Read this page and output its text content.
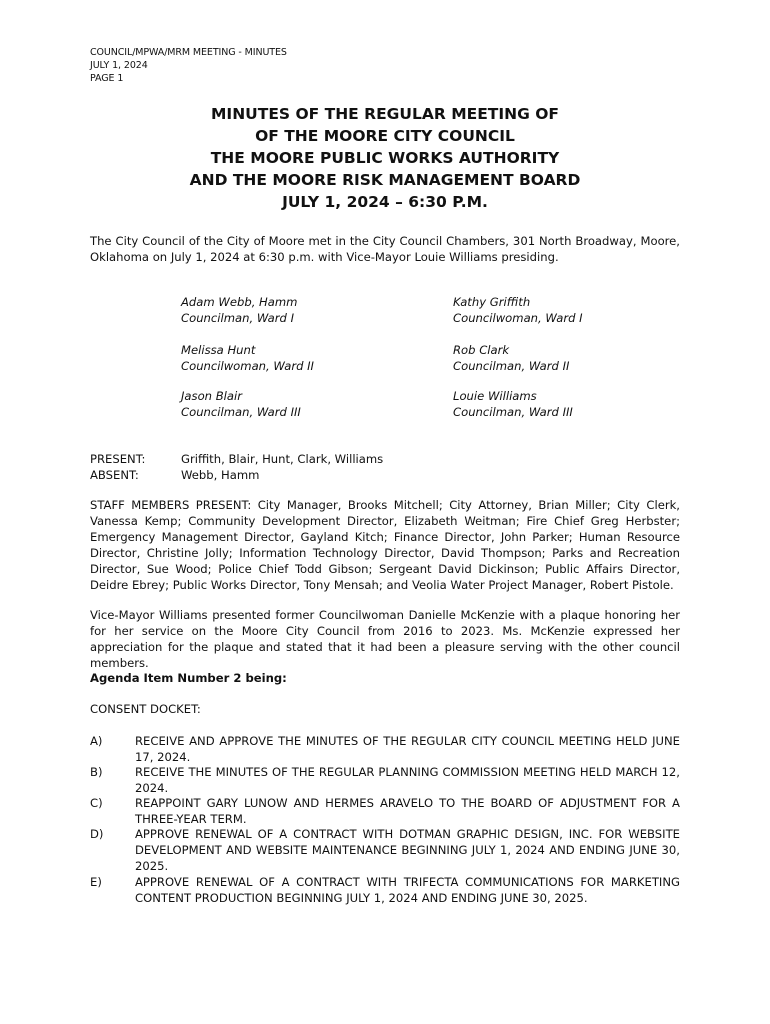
COUNCIL/MPWA/MRM MEETING - MINUTES
JULY 1, 2024
PAGE 1
MINUTES OF THE REGULAR MEETING OF
OF THE MOORE CITY COUNCIL
THE MOORE PUBLIC WORKS AUTHORITY
AND THE MOORE RISK MANAGEMENT BOARD
JULY 1, 2024 – 6:30 P.M.
The City Council of the City of Moore met in the City Council Chambers, 301 North Broadway, Moore, Oklahoma on July 1, 2024 at 6:30 p.m. with Vice-Mayor Louie Williams presiding.
Adam Webb, Hamm
Councilman, Ward I
Kathy Griffith
Councilwoman, Ward I
Melissa Hunt
Councilwoman, Ward II
Rob Clark
Councilman, Ward II
Jason Blair
Councilman, Ward III
Louie Williams
Councilman, Ward III
PRESENT:	Griffith, Blair, Hunt, Clark, Williams
ABSENT:	Webb, Hamm
STAFF MEMBERS PRESENT: City Manager, Brooks Mitchell; City Attorney, Brian Miller; City Clerk, Vanessa Kemp; Community Development Director, Elizabeth Weitman; Fire Chief Greg Herbster; Emergency Management Director, Gayland Kitch; Finance Director, John Parker; Human Resource Director, Christine Jolly; Information Technology Director, David Thompson; Parks and Recreation Director, Sue Wood; Police Chief Todd Gibson; Sergeant David Dickinson; Public Affairs Director, Deidre Ebrey; Public Works Director, Tony Mensah; and Veolia Water Project Manager, Robert Pistole.
Vice-Mayor Williams presented former Councilwoman Danielle McKenzie with a plaque honoring her for her service on the Moore City Council from 2016 to 2023. Ms. McKenzie expressed her appreciation for the plaque and stated that it had been a pleasure serving with the other council members.
Agenda Item Number 2 being:
CONSENT DOCKET:
A)	RECEIVE AND APPROVE THE MINUTES OF THE REGULAR CITY COUNCIL MEETING HELD JUNE 17, 2024.
B)	RECEIVE THE MINUTES OF THE REGULAR PLANNING COMMISSION MEETING HELD MARCH 12, 2024.
C)	REAPPOINT GARY LUNOW AND HERMES ARAVELO TO THE BOARD OF ADJUSTMENT FOR A THREE-YEAR TERM.
D)	APPROVE RENEWAL OF A CONTRACT WITH DOTMAN GRAPHIC DESIGN, INC. FOR WEBSITE DEVELOPMENT AND WEBSITE MAINTENANCE BEGINNING JULY 1, 2024 AND ENDING JUNE 30, 2025.
E)	APPROVE RENEWAL OF A CONTRACT WITH TRIFECTA COMMUNICATIONS FOR MARKETING CONTENT PRODUCTION BEGINNING JULY 1, 2024 AND ENDING JUNE 30, 2025.
